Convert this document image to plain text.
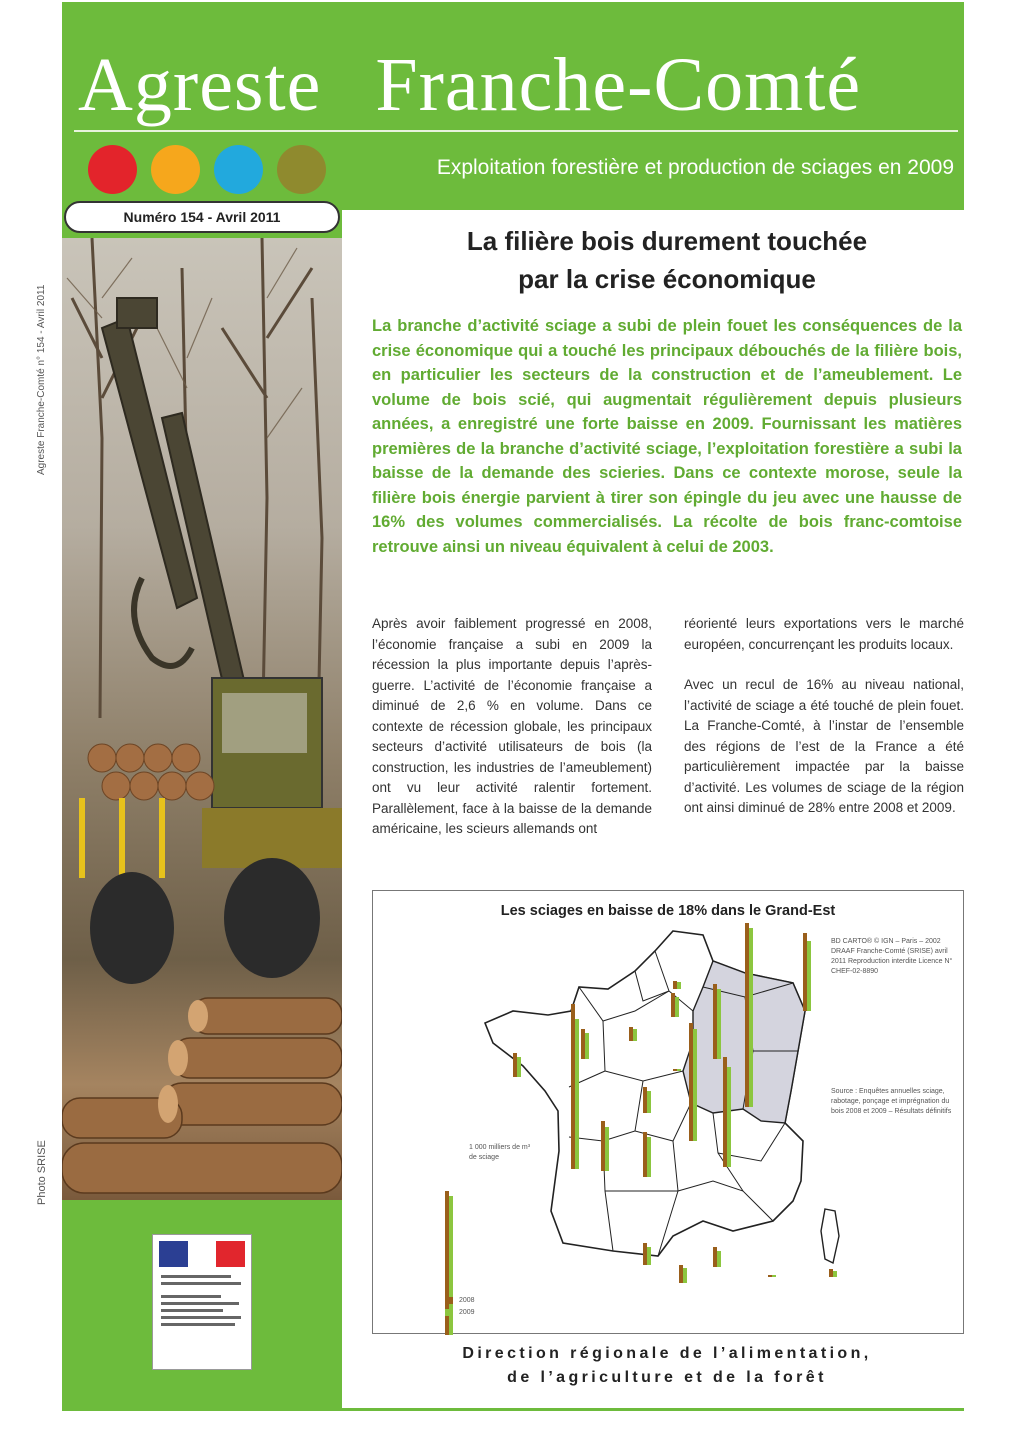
Agreste Franche-Comté n° 154 - Avril 2011
Photo SRISE
Agreste Franche-Comté
Exploitation forestière et production de sciages en 2009
Numéro 154 - Avril 2011
La filière bois durement touchée
par la crise économique
La branche d’activité sciage a subi de plein fouet les conséquences de la crise économique qui a touché les principaux débouchés de la filière bois, en particulier les secteurs de la construction et de l’ameublement. Le volume de bois scié, qui augmentait régulièrement depuis plusieurs années, a enregistré une forte baisse en 2009. Fournissant les matières premières de la branche d’activité sciage, l’exploitation forestière a subi la baisse de la demande des scieries. Dans ce contexte morose, seule la filière bois énergie parvient à tirer son épingle du jeu avec une hausse de 16% des volumes commercialisés. La récolte de bois franc-comtoise retrouve ainsi un niveau équivalent à celui de 2003.

Après avoir faiblement progressé en 2008, l’économie française a subi en 2009 la récession la plus importante depuis l’après-guerre. L’activité de l’économie française a diminué de 2,6 % en volume. Dans ce contexte de récession globale, les principaux secteurs d’activité utilisateurs de bois (la construction, les industries de l’ameublement) ont vu leur activité ralentir fortement. Parallèlement, face à la baisse de la demande américaine, les scieurs allemands ont

réorienté leurs exportations vers le marché européen, concurrençant les produits locaux.

Avec un recul de 16% au niveau national, l’activité de sciage a été touché de plein fouet. La Franche-Comté, à l’instar de l’ensemble des régions de l’est de la France a été particulièrement impactée par la baisse d’activité. Les volumes de sciage de la région ont ainsi diminué de 28% entre 2008 et 2009.

Les sciages en baisse de 18% dans le Grand-Est
BD CARTO® © IGN – Paris – 2002 DRAAF Franche-Comté (SRISE) avril 2011 Reproduction interdite Licence N° CHEF-02-8890
Source : Enquêtes annuelles sciage, rabotage, ponçage et imprégnation du bois 2008 et 2009 – Résultats définitifs
1 000 milliers de m³ de sciage
2008
2009
Direction régionale de l’alimentation,
de l’agriculture et de la forêt
